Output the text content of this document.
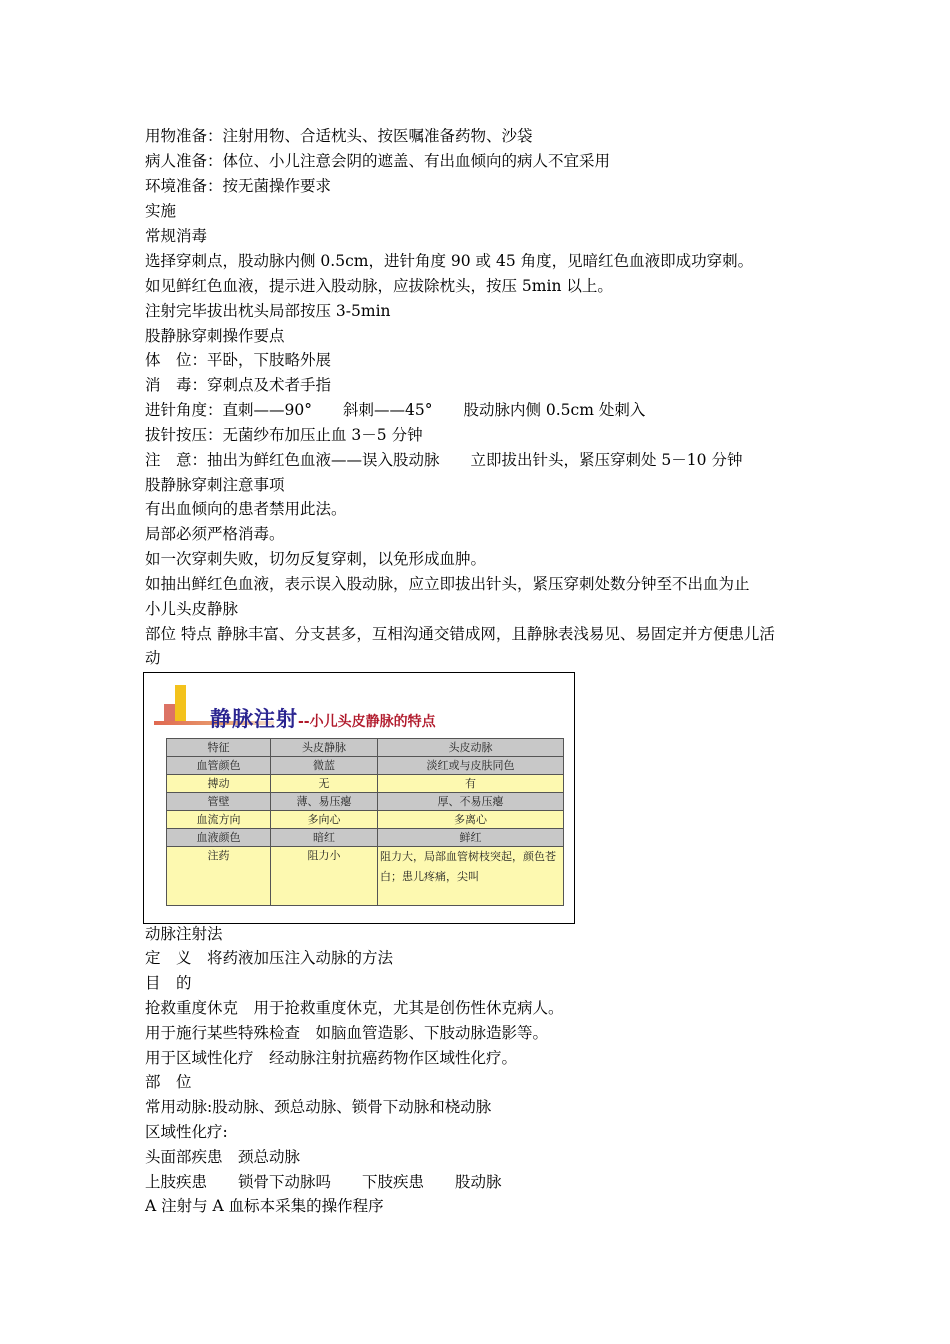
用物准备：注射用物、合适枕头、按医嘱准备药物、沙袋
病人准备：体位、小儿注意会阴的遮盖、有出血倾向的病人不宜采用
环境准备：按无菌操作要求
实施
常规消毒
选择穿刺点，股动脉内侧 0.5cm，进针角度 90 或 45 角度，见暗红色血液即成功穿刺。
如见鲜红色血液，提示进入股动脉，应拔除枕头，按压 5min 以上。
注射完毕拔出枕头局部按压 3-5min
股静脉穿刺操作要点
体　位：平卧，下肢略外展
消　毒：穿刺点及术者手指
进针角度：直刺——90°　　斜刺——45°　　股动脉内侧 0.5cm 处刺入
拔针按压：无菌纱布加压止血 3－5 分钟
注　意：抽出为鲜红色血液——误入股动脉　　立即拔出针头，紧压穿刺处 5－10 分钟
股静脉穿刺注意事项
有出血倾向的患者禁用此法。
局部必须严格消毒。
如一次穿刺失败，切勿反复穿刺，以免形成血肿。
如抽出鲜红色血液，表示误入股动脉，应立即拔出针头，紧压穿刺处数分钟至不出血为止
小儿头皮静脉
部位 特点 静脉丰富、分支甚多，互相沟通交错成网，且静脉表浅易见、易固定并方便患儿活
动
静脉注射--小儿头皮静脉的特点
特征	头皮静脉	头皮动脉
血管颜色	微蓝	淡红或与皮肤同色
搏动	无	有
管壁	薄、易压瘪	厚、不易压瘪
血流方向	多向心	多离心
血液颜色	暗红	鲜红
注药	阻力小	阻力大，局部血管树枝突起，颜色苍白；患儿疼痛，尖叫
动脉注射法
定　义　将药液加压注入动脉的方法
目　的
抢救重度休克　用于抢救重度休克，尤其是创伤性休克病人。
用于施行某些特殊检查　如脑血管造影、下肢动脉造影等。
用于区域性化疗　经动脉注射抗癌药物作区域性化疗。
部　位
常用动脉:股动脉、颈总动脉、锁骨下动脉和桡动脉
区域性化疗:
头面部疾患　颈总动脉
上肢疾患　　锁骨下动脉吗　　下肢疾患　　股动脉
A 注射与 A 血标本采集的操作程序
